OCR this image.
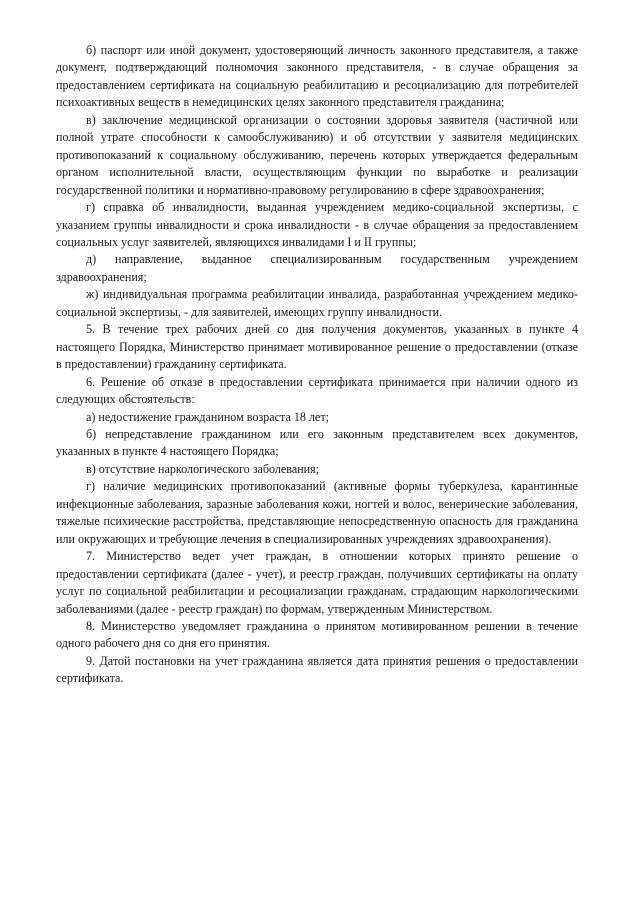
б) паспорт или иной документ, удостоверяющий личность законного представителя, а также документ, подтверждающий полномочия законного представителя, - в случае обращения за предоставлением сертификата на социальную реабилитацию и ресоциализацию для потребителей психоактивных веществ в немедицинских целях законного представителя гражданина;

в) заключение медицинской организации о состоянии здоровья заявителя (частичной или полной утрате способности к самообслуживанию) и об отсутствии у заявителя медицинских противопоказаний к социальному обслуживанию, перечень которых утверждается федеральным органом исполнительной власти, осуществляющим функции по выработке и реализации государственной политики и нормативно-правовому регулированию в сфере здравоохранения;

г) справка об инвалидности, выданная учреждением медико-социальной экспертизы, с указанием группы инвалидности и срока инвалидности - в случае обращения за предоставлением социальных услуг заявителей, являющихся инвалидами I и II группы;

д) направление, выданное специализированным государственным учреждением здравоохранения;

ж) индивидуальная программа реабилитации инвалида, разработанная учреждением медико-социальной экспертизы, - для заявителей, имеющих группу инвалидности.

5. В течение трех рабочих дней со дня получения документов, указанных в пункте 4 настоящего Порядка, Министерство принимает мотивированное решение о предоставлении (отказе в предоставлении) гражданину сертификата.

6. Решение об отказе в предоставлении сертификата принимается при наличии одного из следующих обстоятельств:

а) недостижение гражданином возраста 18 лет;

б) непредставление гражданином или его законным представителем всех документов, указанных в пункте 4 настоящего Порядка;

в) отсутствие наркологического заболевания;

г) наличие медицинских противопоказаний (активные формы туберкулеза, карантинные инфекционные заболевания, заразные заболевания кожи, ногтей и волос, венерические заболевания, тяжелые психические расстройства, представляющие непосредственную опасность для гражданина или окружающих и требующие лечения в специализированных учреждениях здравоохранения).

7. Министерство ведет учет граждан, в отношении которых принято решение о предоставлении сертификата (далее - учет), и реестр граждан, получивших сертификаты на оплату услуг по социальной реабилитации и ресоциализации гражданам, страдающим наркологическими заболеваниями (далее - реестр граждан) по формам, утвержденным Министерством.

8. Министерство уведомляет гражданина о принятом мотивированном решении в течение одного рабочего дня со дня его принятия.

9. Датой постановки на учет гражданина является дата принятия решения о предоставлении сертификата.
